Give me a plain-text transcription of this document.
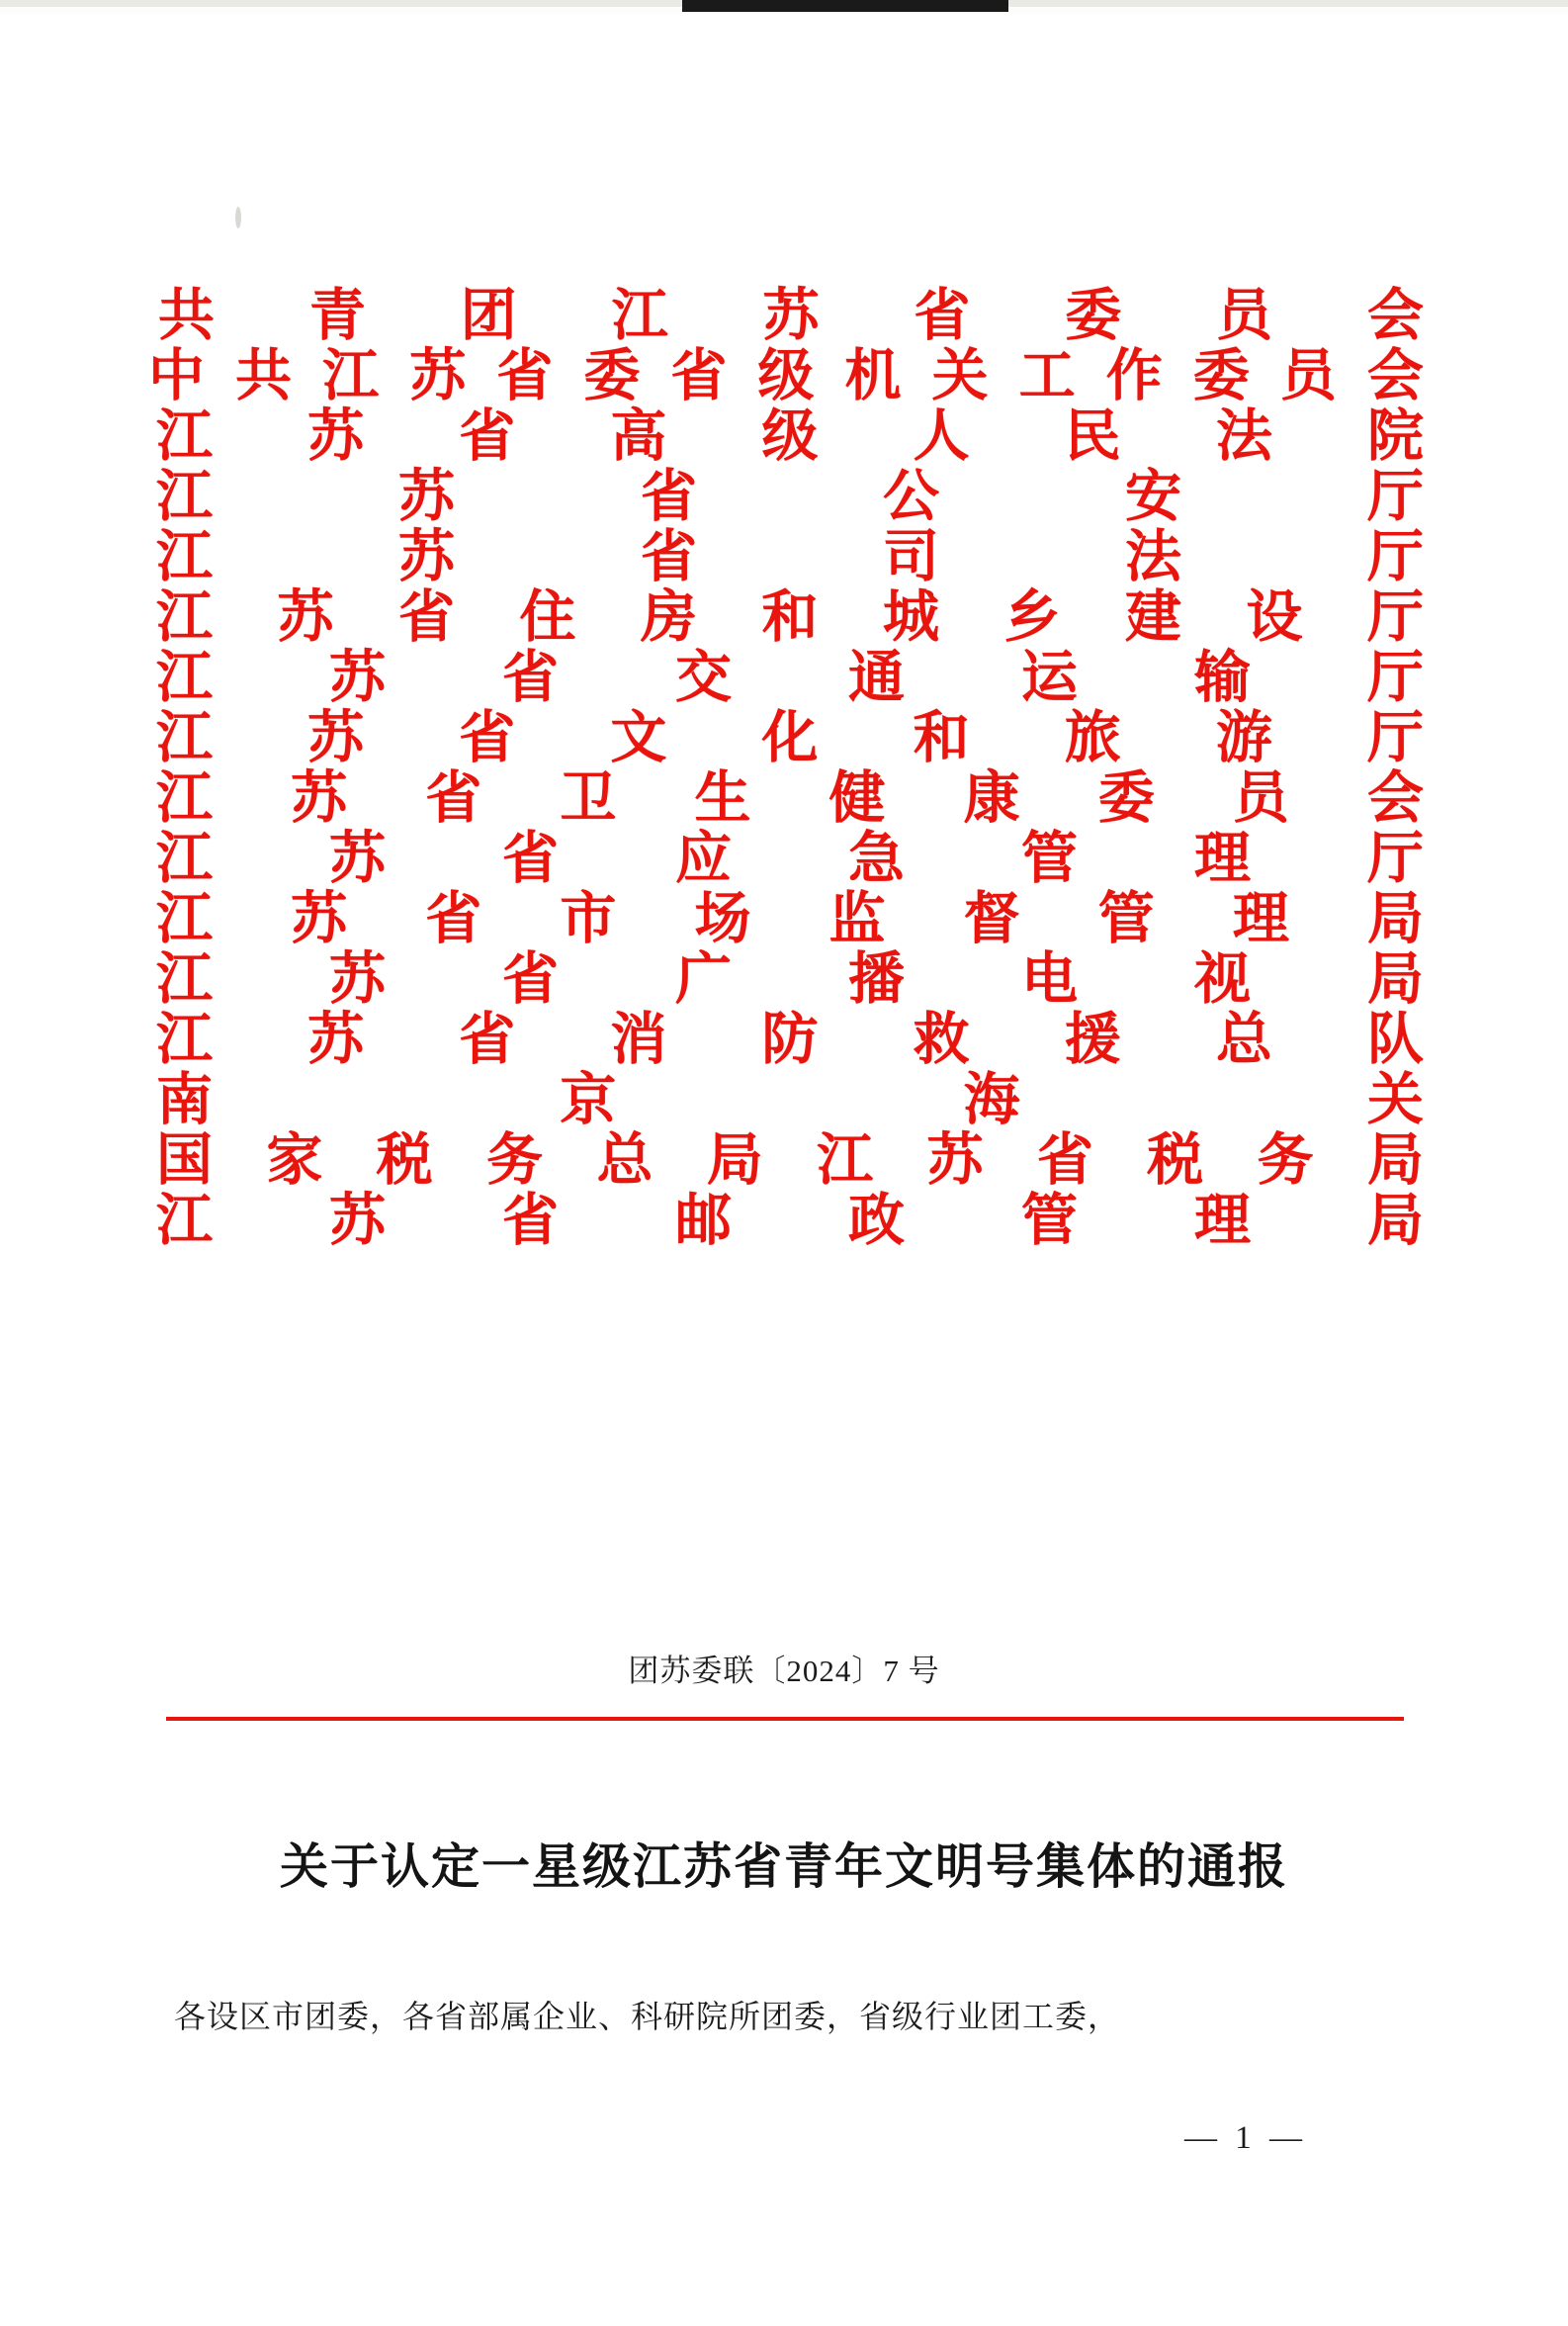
共 青 团 江 苏 省 委 员 会
中 共 江 苏 省 委 省 级 机 关 工 作 委 员 会
江 苏 省 高 级 人 民 法 院
江	苏	省	公	安	厅
江	苏	省	司	法	厅
江 苏 省 住 房 和 城 乡 建 设 厅
江 苏 省 交 通 运 输 厅
江 苏 省 文 化 和 旅 游 厅
江 苏 省 卫 生 健 康 委 员 会
江 苏 省 应 急 管 理 厅
江 苏 省 市 场 监 督 管 理 局
江 苏 省 广 播 电 视 局
江 苏 省 消 防 救 援 总 队
南	京	海	关
国 家 税 务 总 局 江 苏 省 税 务 局
江 苏 省 邮 政 管 理 局
团苏委联〔2024〕7 号
关于认定一星级江苏省青年文明号集体的通报
各设区市团委，各省部属企业、科研院所团委，省级行业团工委，
— 1 —
